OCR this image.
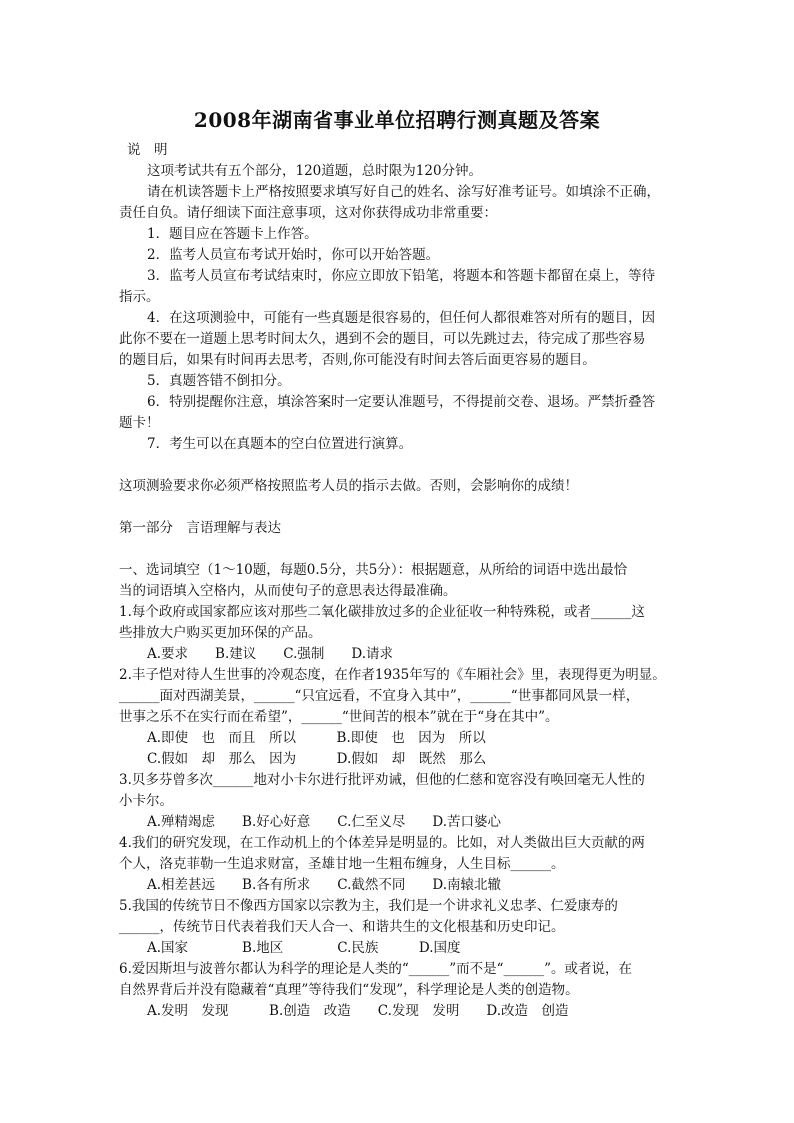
2008年湖南省事业单位招聘行测真题及答案
说　明
这项考试共有五个部分，120道题，总时限为120分钟。
请在机读答题卡上严格按照要求填写好自己的姓名、涂写好准考证号。如填涂不正确，
责任自负。请仔细读下面注意事项，这对你获得成功非常重要：
1．题目应在答题卡上作答。
2．监考人员宣布考试开始时，你可以开始答题。
3．监考人员宣布考试结束时，你应立即放下铅笔，将题本和答题卡都留在桌上，等待
指示。
4．在这项测验中，可能有一些真题是很容易的，但任何人都很难答对所有的题目，因
此你不要在一道题上思考时间太久，遇到不会的题目，可以先跳过去，待完成了那些容易
的题目后，如果有时间再去思考，否则,你可能没有时间去答后面更容易的题目。
5．真题答错不倒扣分。
6．特别提醒你注意，填涂答案时一定要认准题号，不得提前交卷、退场。严禁折叠答
题卡！
7．考生可以在真题本的空白位置进行演算。
这项测验要求你必须严格按照监考人员的指示去做。否则，会影响你的成绩！
第一部分　言语理解与表达
一、选词填空（1～10题，每题0.5分，共5分）：根据题意，从所给的词语中选出最恰
当的词语填入空格内，从而使句子的意思表达得最准确。
1.每个政府或国家都应该对那些二氧化碳排放过多的企业征收一种特殊税，或者______这
些排放大户购买更加环保的产品。
A.要求　　B.建议　　C.强制　　D.请求
2.丰子恺对待人生世事的冷观态度，在作者1935年写的《车厢社会》里，表现得更为明显。
______面对西湖美景，______“只宜远看，不宜身入其中”，______“世事都同风景一样，
世事之乐不在实行而在希望”，______“世间苦的根本”就在于“身在其中”。
A.即使　也　而且　所以　　　B.即使　也　因为　所以
C.假如　却　那么　因为　　　D.假如　却　既然　那么
3.贝多芬曾多次______地对小卡尔进行批评劝诫，但他的仁慈和宽容没有唤回毫无人性的
小卡尔。
A.殚精竭虑　　B.好心好意　　C.仁至义尽　　D.苦口婆心
4.我们的研究发现，在工作动机上的个体差异是明显的。比如，对人类做出巨大贡献的两
个人，洛克菲勒一生追求财富，圣雄甘地一生粗布缠身，人生目标______。
A.相差甚远　　B.各有所求　　C.截然不同　　D.南辕北辙
5.我国的传统节日不像西方国家以宗教为主，我们是一个讲求礼义忠孝、仁爱康寿的
______，传统节日代表着我们天人合一、和谐共生的文化根基和历史印记。
A.国家　　　　B.地区　　　　C.民族　　　D.国度
6.爱因斯坦与波普尔都认为科学的理论是人类的“______”而不是“______”。或者说，在
自然界背后并没有隐藏着“真理”等待我们“发现”，科学理论是人类的创造物。
A.发明　发现　　　B.创造　改造　　C.发现　发明　　D.改造　创造
